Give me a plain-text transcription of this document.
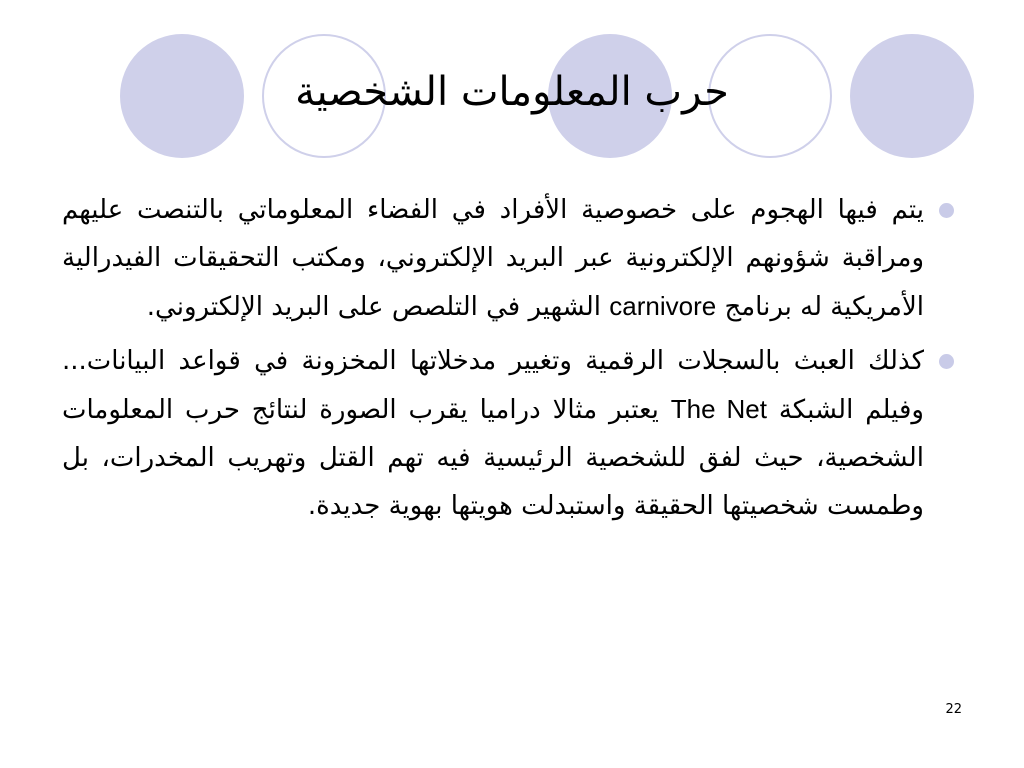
حرب المعلومات الشخصية
يتم فيها الهجوم على خصوصية الأفراد في الفضاء المعلوماتي بالتنصت عليهم ومراقبة شؤونهم الإلكترونية عبر البريد الإلكتروني، ومكتب التحقيقات الفيدرالية الأمريكية له برنامج carnivore الشهير في التلصص على البريد الإلكتروني.
كذلك العبث بالسجلات الرقمية وتغيير مدخلاتها المخزونة في قواعد البيانات... وفيلم الشبكة The Net يعتبر مثالا دراميا يقرب الصورة لنتائج حرب المعلومات الشخصية، حيث لفق للشخصية الرئيسية فيه تهم القتل وتهريب المخدرات، بل وطمست شخصيتها الحقيقة واستبدلت هويتها بهوية جديدة.
22
